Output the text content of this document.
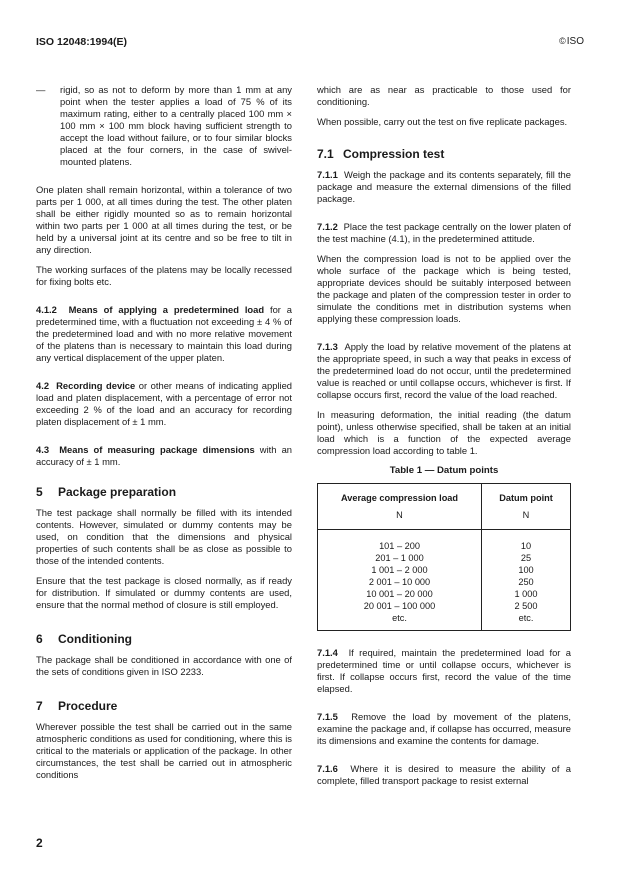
ISO 12048:1994(E)	©ISO
—	rigid, so as not to deform by more than 1 mm at any point when the tester applies a load of 75 % of its maximum rating, either to a centrally placed 100 mm × 100 mm × 100 mm block having sufficient strength to accept the load without failure, or to four similar blocks placed at the four corners, in the case of swivel-mounted platens.

One platen shall remain horizontal, within a tolerance of two parts per 1 000, at all times during the test. The other platen shall be either rigidly mounted so as to remain horizontal within two parts per 1 000 at all times during the test, or be held by a universal joint at its centre and so be free to tilt in any direction.

The working surfaces of the platens may be locally recessed for fixing bolts etc.

4.1.2 Means of applying a predetermined load for a predetermined time, with a fluctuation not exceeding ± 4 % of the predetermined load and with no more relative movement of the platens than is necessary to maintain this load during any vertical displacement of the upper platen.

4.2 Recording device or other means of indicating applied load and platen displacement, with a percentage of error not exceeding 2 % of the load and an accuracy for recording platen displacement of ± 1 mm.

4.3 Means of measuring package dimensions with an accuracy of ± 1 mm.

5 Package preparation

The test package shall normally be filled with its intended contents. However, simulated or dummy contents may be used, on condition that the dimensions and physical properties of such contents shall be as close as possible to those of the intended contents.

Ensure that the test package is closed normally, as if ready for distribution. If simulated or dummy contents are used, ensure that the normal method of closure is still employed.

6 Conditioning

The package shall be conditioned in accordance with one of the sets of conditions given in ISO 2233.

7 Procedure

Wherever possible the test shall be carried out in the same atmospheric conditions as used for conditioning, where this is critical to the materials or application of the package. In other circumstances, the test shall be carried out in atmospheric conditions

which are as near as practicable to those used for conditioning.

When possible, carry out the test on five replicate packages.

7.1 Compression test

7.1.1 Weigh the package and its contents separately, fill the package and measure the external dimensions of the filled package.

7.1.2 Place the test package centrally on the lower platen of the test machine (4.1), in the predetermined attitude.

When the compression load is not to be applied over the whole surface of the package which is being tested, appropriate devices should be suitably interposed between the package and platen of the compression tester in order to simulate the conditions met in distribution systems when applying these compression loads.

7.1.3 Apply the load by relative movement of the platens at the appropriate speed, in such a way that peaks in excess of the predetermined load do not occur, until the predetermined value is reached or until collapse occurs, whichever is first. If collapse occurs first, record the value of the load reached.

In measuring deformation, the initial reading (the datum point), unless otherwise specified, shall be taken at an initial load which is a function of the expected average compression load according to table 1.

Table 1 — Datum points
Average compression load	Datum point
N	N
101 – 200	10
201 – 1 000	25
1 001 – 2 000	100
2 001 – 10 000	250
10 001 – 20 000	1 000
20 001 – 100 000	2 500
etc.	etc.

7.1.4 If required, maintain the predetermined load for a predetermined time or until collapse occurs, whichever is first. If collapse occurs first, record the value of the time elapsed.

7.1.5 Remove the load by movement of the platens, examine the package and, if collapse has occurred, measure its dimensions and examine the contents for damage.

7.1.6 Where it is desired to measure the ability of a complete, filled transport package to resist external

2
